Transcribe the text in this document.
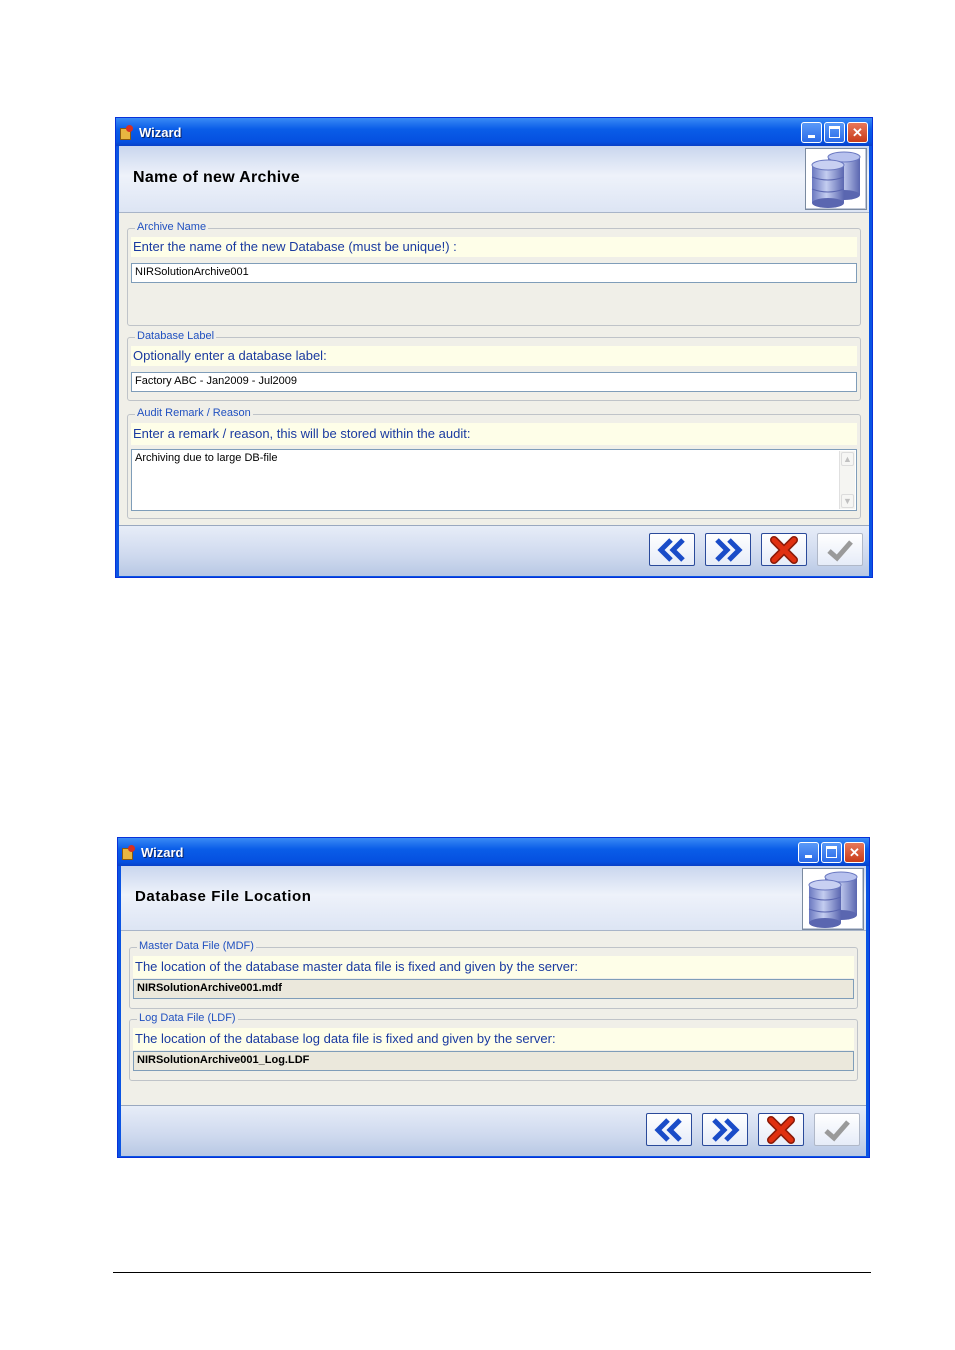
Wizard	✕
Name of new Archive
Archive Name
Enter the name of the new Database (must be unique!) :
NIRSolutionArchive001
Database Label
Optionally enter a database label:
Factory ABC - Jan2009 - Jul2009
Audit Remark / Reason
Enter a remark / reason, this will be stored within the audit:
Archiving due to large DB-file	▲
▼
Wizard	✕
Database File Location
Master Data File (MDF)
The location of the database master data file is fixed and given by the server:
NIRSolutionArchive001.mdf
Log Data File (LDF)
The location of the database log data file is fixed and given by the server:
NIRSolutionArchive001_Log.LDF
